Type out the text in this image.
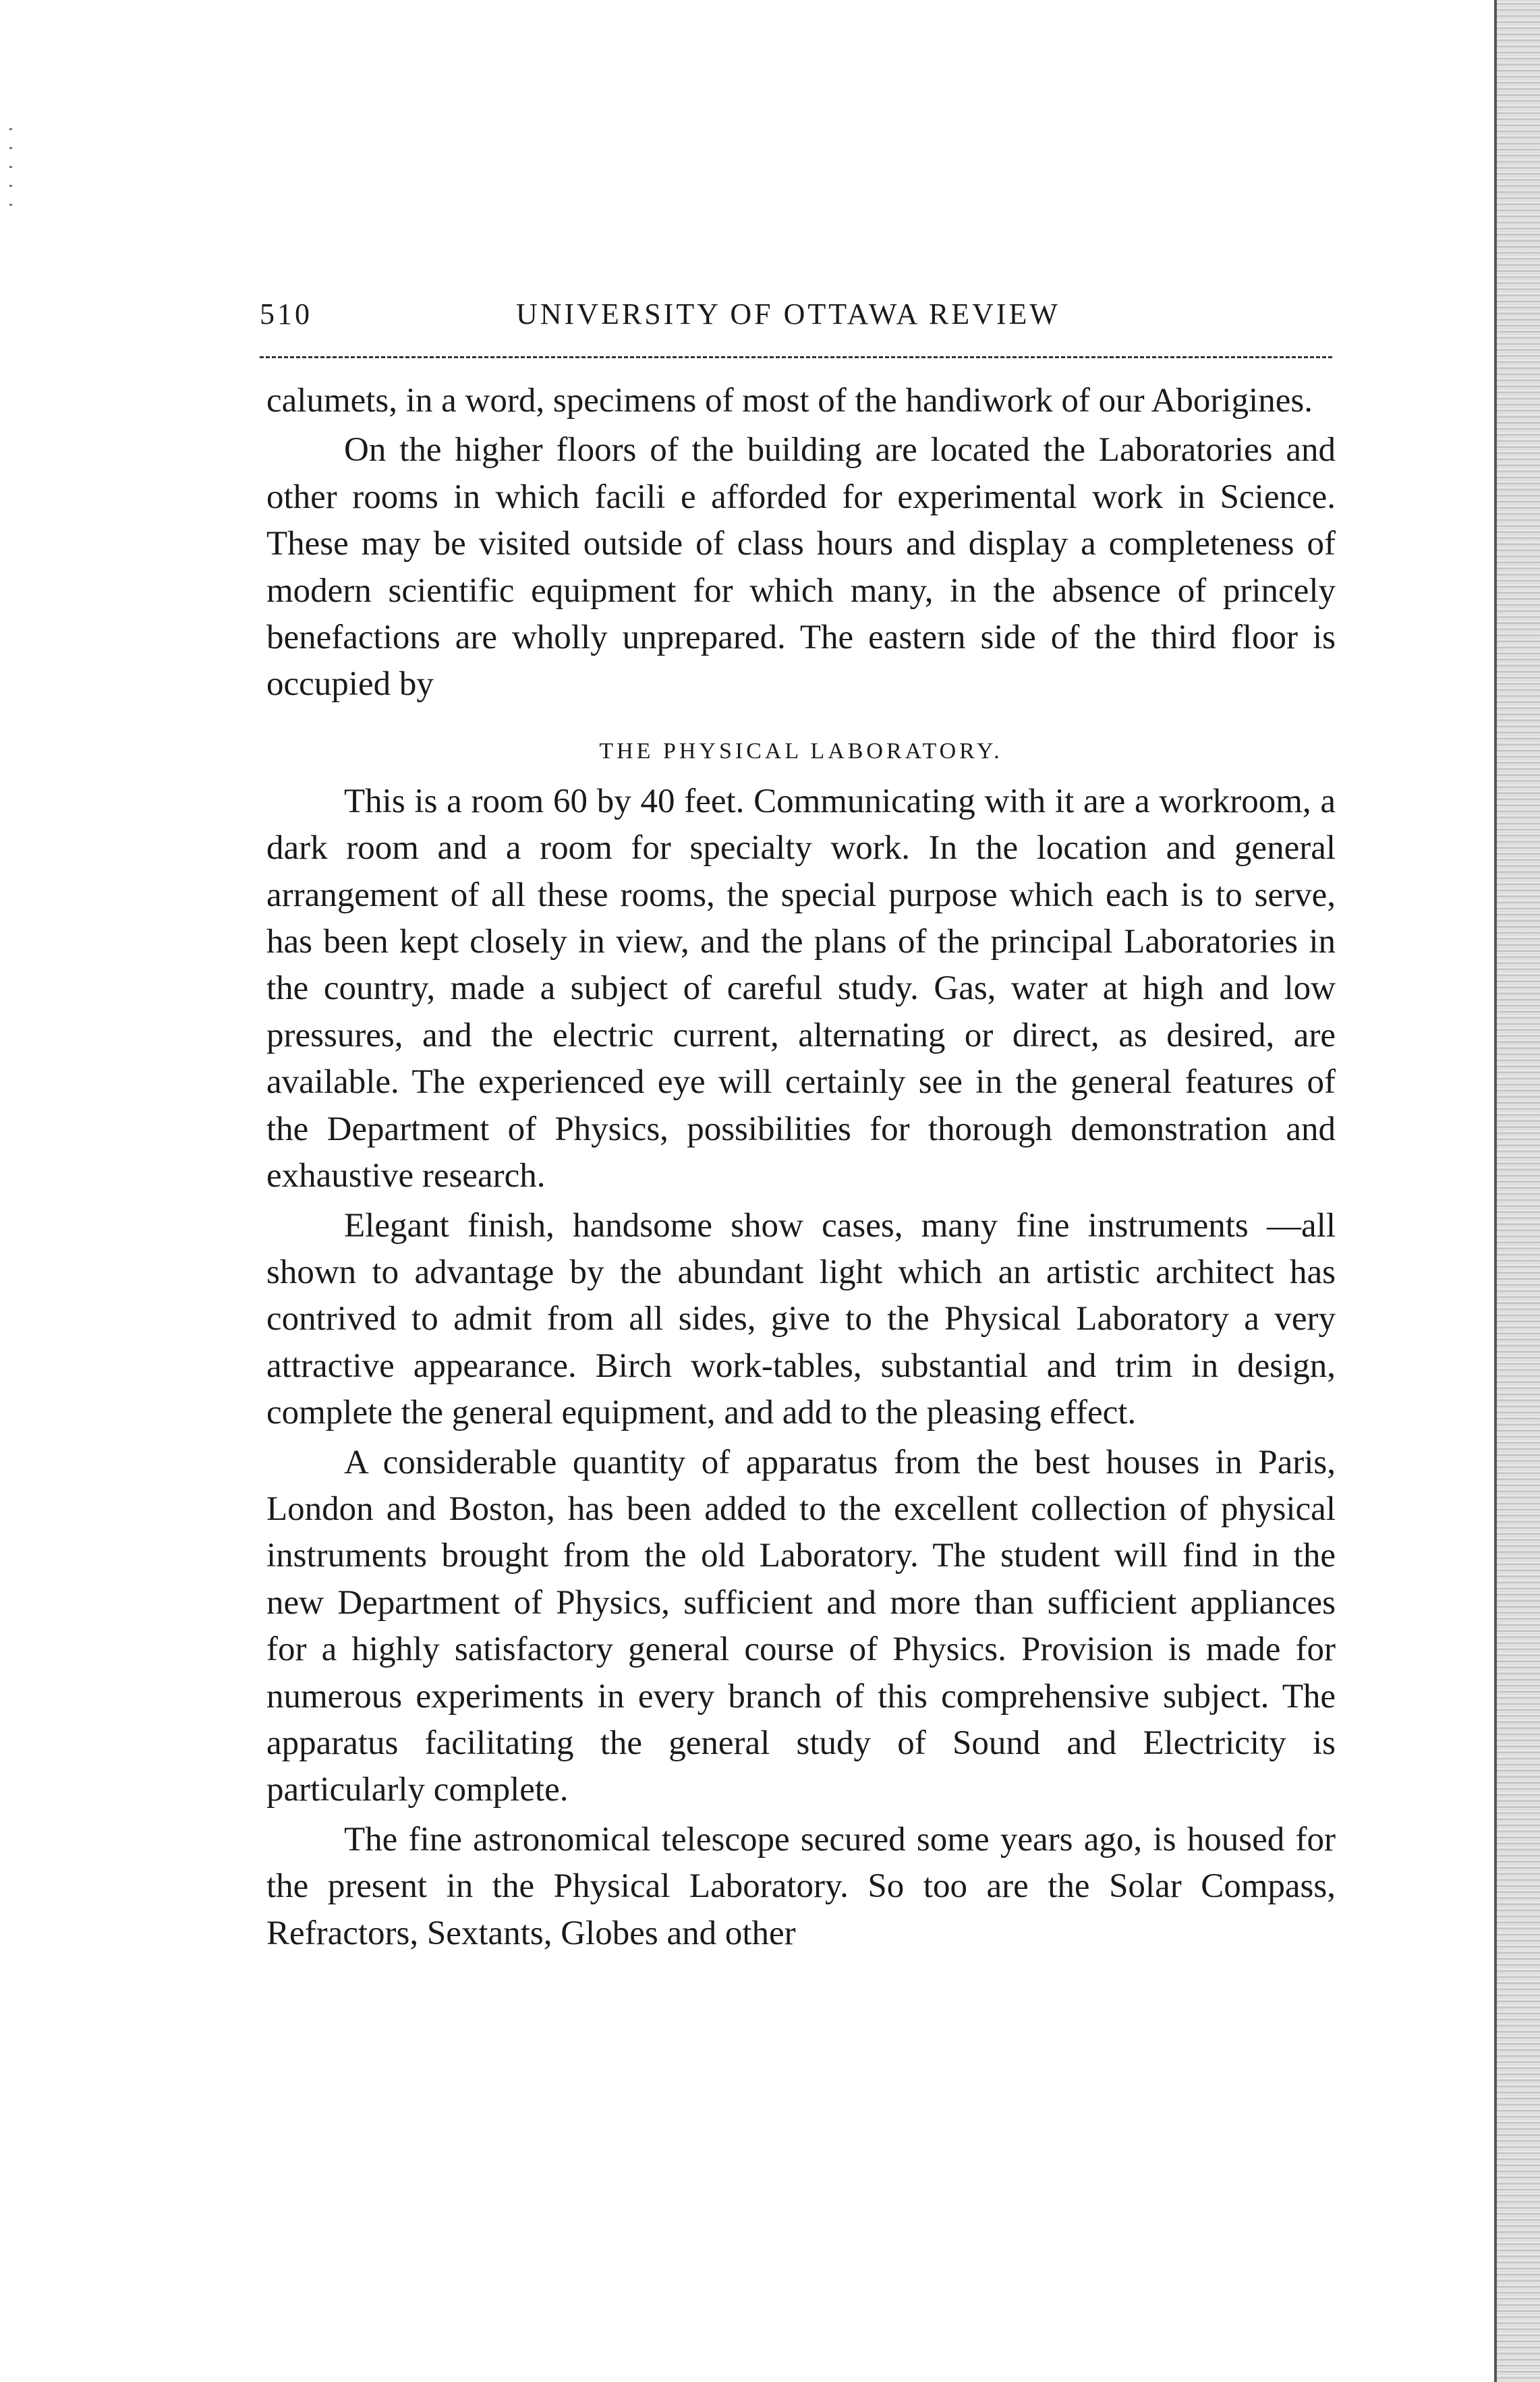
510	UNIVERSITY OF OTTAWA REVIEW

calumets, in a word, specimens of most of the handiwork of our Aborigines.

On the higher floors of the building are located the Laboratories and other rooms in which facili e afforded for experimental work in Science. These may be visited outside of class hours and display a completeness of modern scientific equipment for which many, in the absence of princely benefactions are wholly unprepared. The eastern side of the third floor is occupied by

THE PHYSICAL LABORATORY.

This is a room 60 by 40 feet. Communicating with it are a workroom, a dark room and a room for specialty work. In the location and general arrangement of all these rooms, the special purpose which each is to serve, has been kept closely in view, and the plans of the principal Laboratories in the country, made a subject of careful study. Gas, water at high and low pressures, and the electric current, alternating or direct, as desired, are available. The experienced eye will certainly see in the general features of the Department of Physics, possibilities for thorough demonstration and exhaustive research.

Elegant finish, handsome show cases, many fine instruments —all shown to advantage by the abundant light which an artistic architect has contrived to admit from all sides, give to the Physical Laboratory a very attractive appearance. Birch work-tables, substantial and trim in design, complete the general equipment, and add to the pleasing effect.

A considerable quantity of apparatus from the best houses in Paris, London and Boston, has been added to the excellent collection of physical instruments brought from the old Laboratory. The student will find in the new Department of Physics, sufficient and more than sufficient appliances for a highly satisfactory general course of Physics. Provision is made for numerous experiments in every branch of this comprehensive subject. The apparatus facilitating the general study of Sound and Electricity is particularly complete.

The fine astronomical telescope secured some years ago, is housed for the present in the Physical Laboratory. So too are the Solar Compass, Refractors, Sextants, Globes and other
